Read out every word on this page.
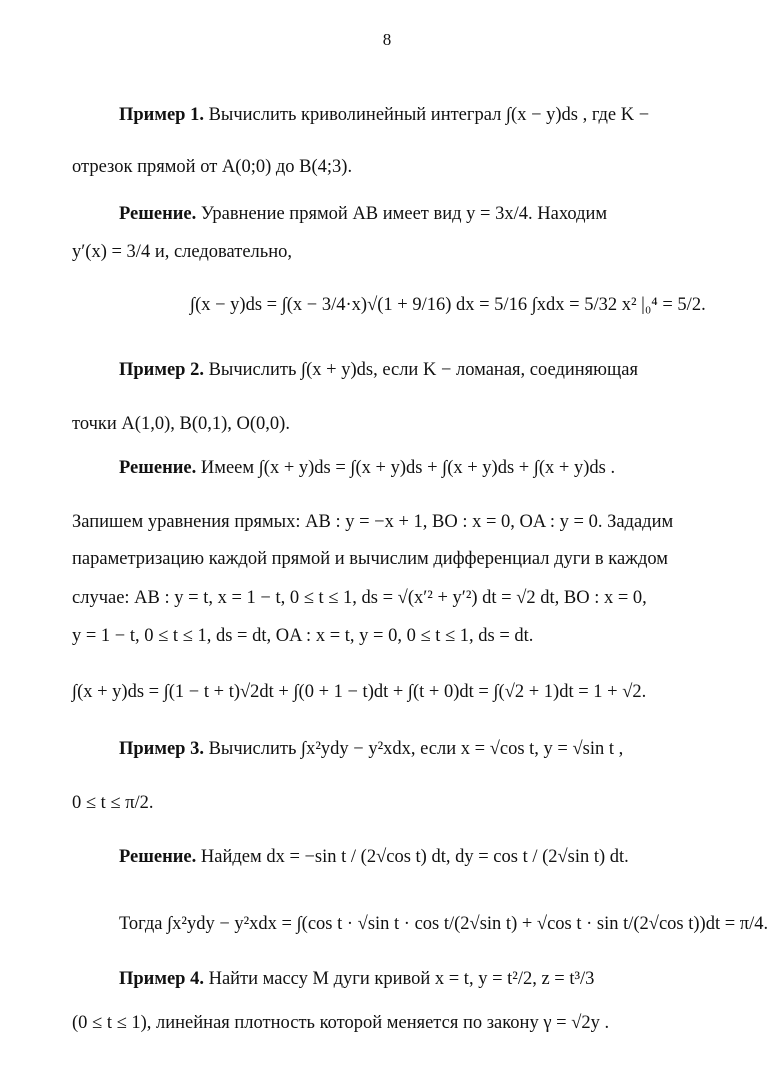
8
Пример 1. Вычислить криволинейный интеграл ∫(x − y)ds , где K −
отрезок прямой от A(0;0) до B(4;3).
Решение. Уравнение прямой AB имеет вид y = 3x/4. Находим
y′(x) = 3/4 и, следовательно,
∫(x − y)ds = ∫(x − 3/4·x)√(1 + 9/16) dx = 5/16 ∫xdx = 5/32 x² |₀⁴ = 5/2.
Пример 2. Вычислить ∫(x + y)ds, если K − ломаная, соединяющая
точки A(1,0), B(0,1), O(0,0).
Решение. Имеем ∫(x + y)ds = ∫(x + y)ds + ∫(x + y)ds + ∫(x + y)ds .
Запишем уравнения прямых: AB : y = −x + 1, BO : x = 0, OA : y = 0. Зададим
параметризацию каждой прямой и вычислим дифференциал дуги в каждом
случае: AB : y = t, x = 1 − t, 0 ≤ t ≤ 1, ds = √(x′² + y′²) dt = √2 dt, BO : x = 0,
y = 1 − t, 0 ≤ t ≤ 1, ds = dt, OA : x = t, y = 0, 0 ≤ t ≤ 1, ds = dt.
∫(x + y)ds = ∫(1 − t + t)√2dt + ∫(0 + 1 − t)dt + ∫(t + 0)dt = ∫(√2 + 1)dt = 1 + √2.
Пример 3. Вычислить ∫x²ydy − y²xdx, если x = √cos t, y = √sin t ,
0 ≤ t ≤ π/2.
Решение. Найдем dx = −sin t / (2√cos t) dt, dy = cos t / (2√sin t) dt.
Тогда ∫x²ydy − y²xdx = ∫(cos t · √sin t · cos t/(2√sin t) + √cos t · sin t/(2√cos t))dt = π/4.
Пример 4. Найти массу M дуги кривой x = t, y = t²/2, z = t³/3
(0 ≤ t ≤ 1), линейная плотность которой меняется по закону γ = √2y .
